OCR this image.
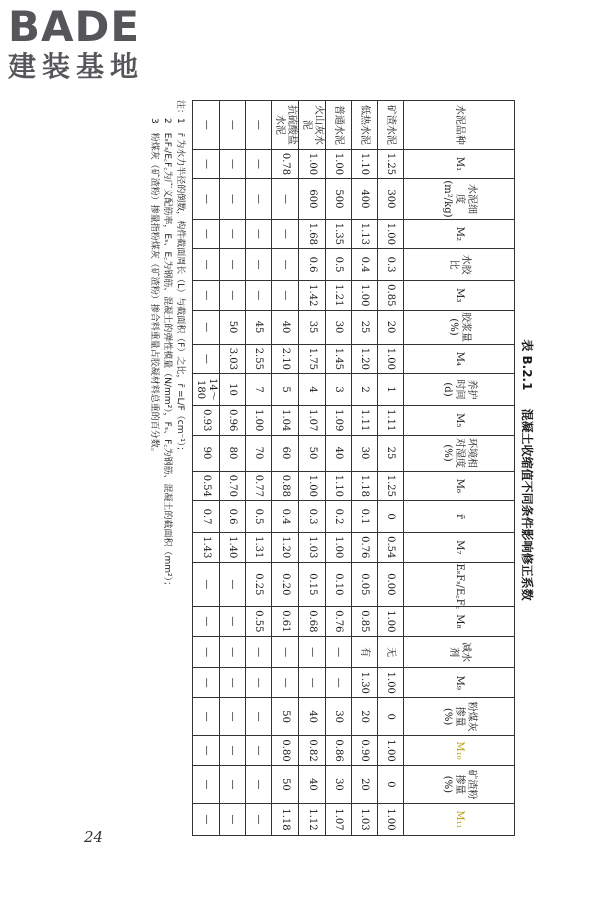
BADE
建装基地
表 B.2.1 混凝土收缩值不同条件影响修正系数
水泥品种	M₁	水泥细度(m²/kg)	M₂	水胶比	M₃	胶浆量(%)	M₄	养护时间(d)	M₅	环境相对湿度(%)	M₆	r̄	M₇	EₛFₛ/E꜀F꜀	M₈	减水剂	M₉	粉煤灰掺量(%)	M₁₀	矿渣粉掺量(%)	M₁₁
矿渣水泥	1.25	300	1.00	0.3	0.85	20	1.00	1	1.11	25	1.25	0	0.54	0.00	1.00	无	1.00	0	1.00	0	1.00
低热水泥	1.10	400	1.13	0.4	1.00	25	1.20	2	1.11	30	1.18	0.1	0.76	0.05	0.85	有	1.30	20	0.90	20	1.03
普通水泥	1.00	500	1.35	0.5	1.21	30	1.45	3	1.09	40	1.10	0.2	1.00	0.10	0.76	—	—	30	0.86	30	1.07
火山灰水泥	1.00	600	1.68	0.6	1.42	35	1.75	4	1.07	50	1.00	0.3	1.03	0.15	0.68	—	—	40	0.82	40	1.12
抗硫酸盐水泥	0.78	—	—	—	—	40	2.10	5	1.04	60	0.88	0.4	1.20	0.20	0.61	—	—	50	0.80	50	1.18
—	—	—	—	—	—	45	2.55	7	1.00	70	0.77	0.5	1.31	0.25	0.55	—	—	—	—	—	—
—	—	—	—	—	—	50	3.03	10	0.96	80	0.70	0.6	1.40	—	—	—	—	—	—	—	—
—	—	—	—	—	—	—	—	14～180	0.93	90	0.54	0.7	1.43	—	—	—	—	—	—	—	—
注：1　r̄ 为水力半径的倒数，构件截面周长（L）与截面积（F）之比，r̄ =L/F（cm⁻¹）；
2　EₛFₛ/E꜀F꜀为广义配筋率，Eₛ、E꜀为钢筋、混凝土的弹性模量（N/mm²），Fₛ、F꜀为钢筋、混凝土的截面积（mm²）；
3　粉煤灰（矿渣粉）掺量指粉煤灰（矿渣粉）掺合料重量占胶凝材料总重的百分数。
24
